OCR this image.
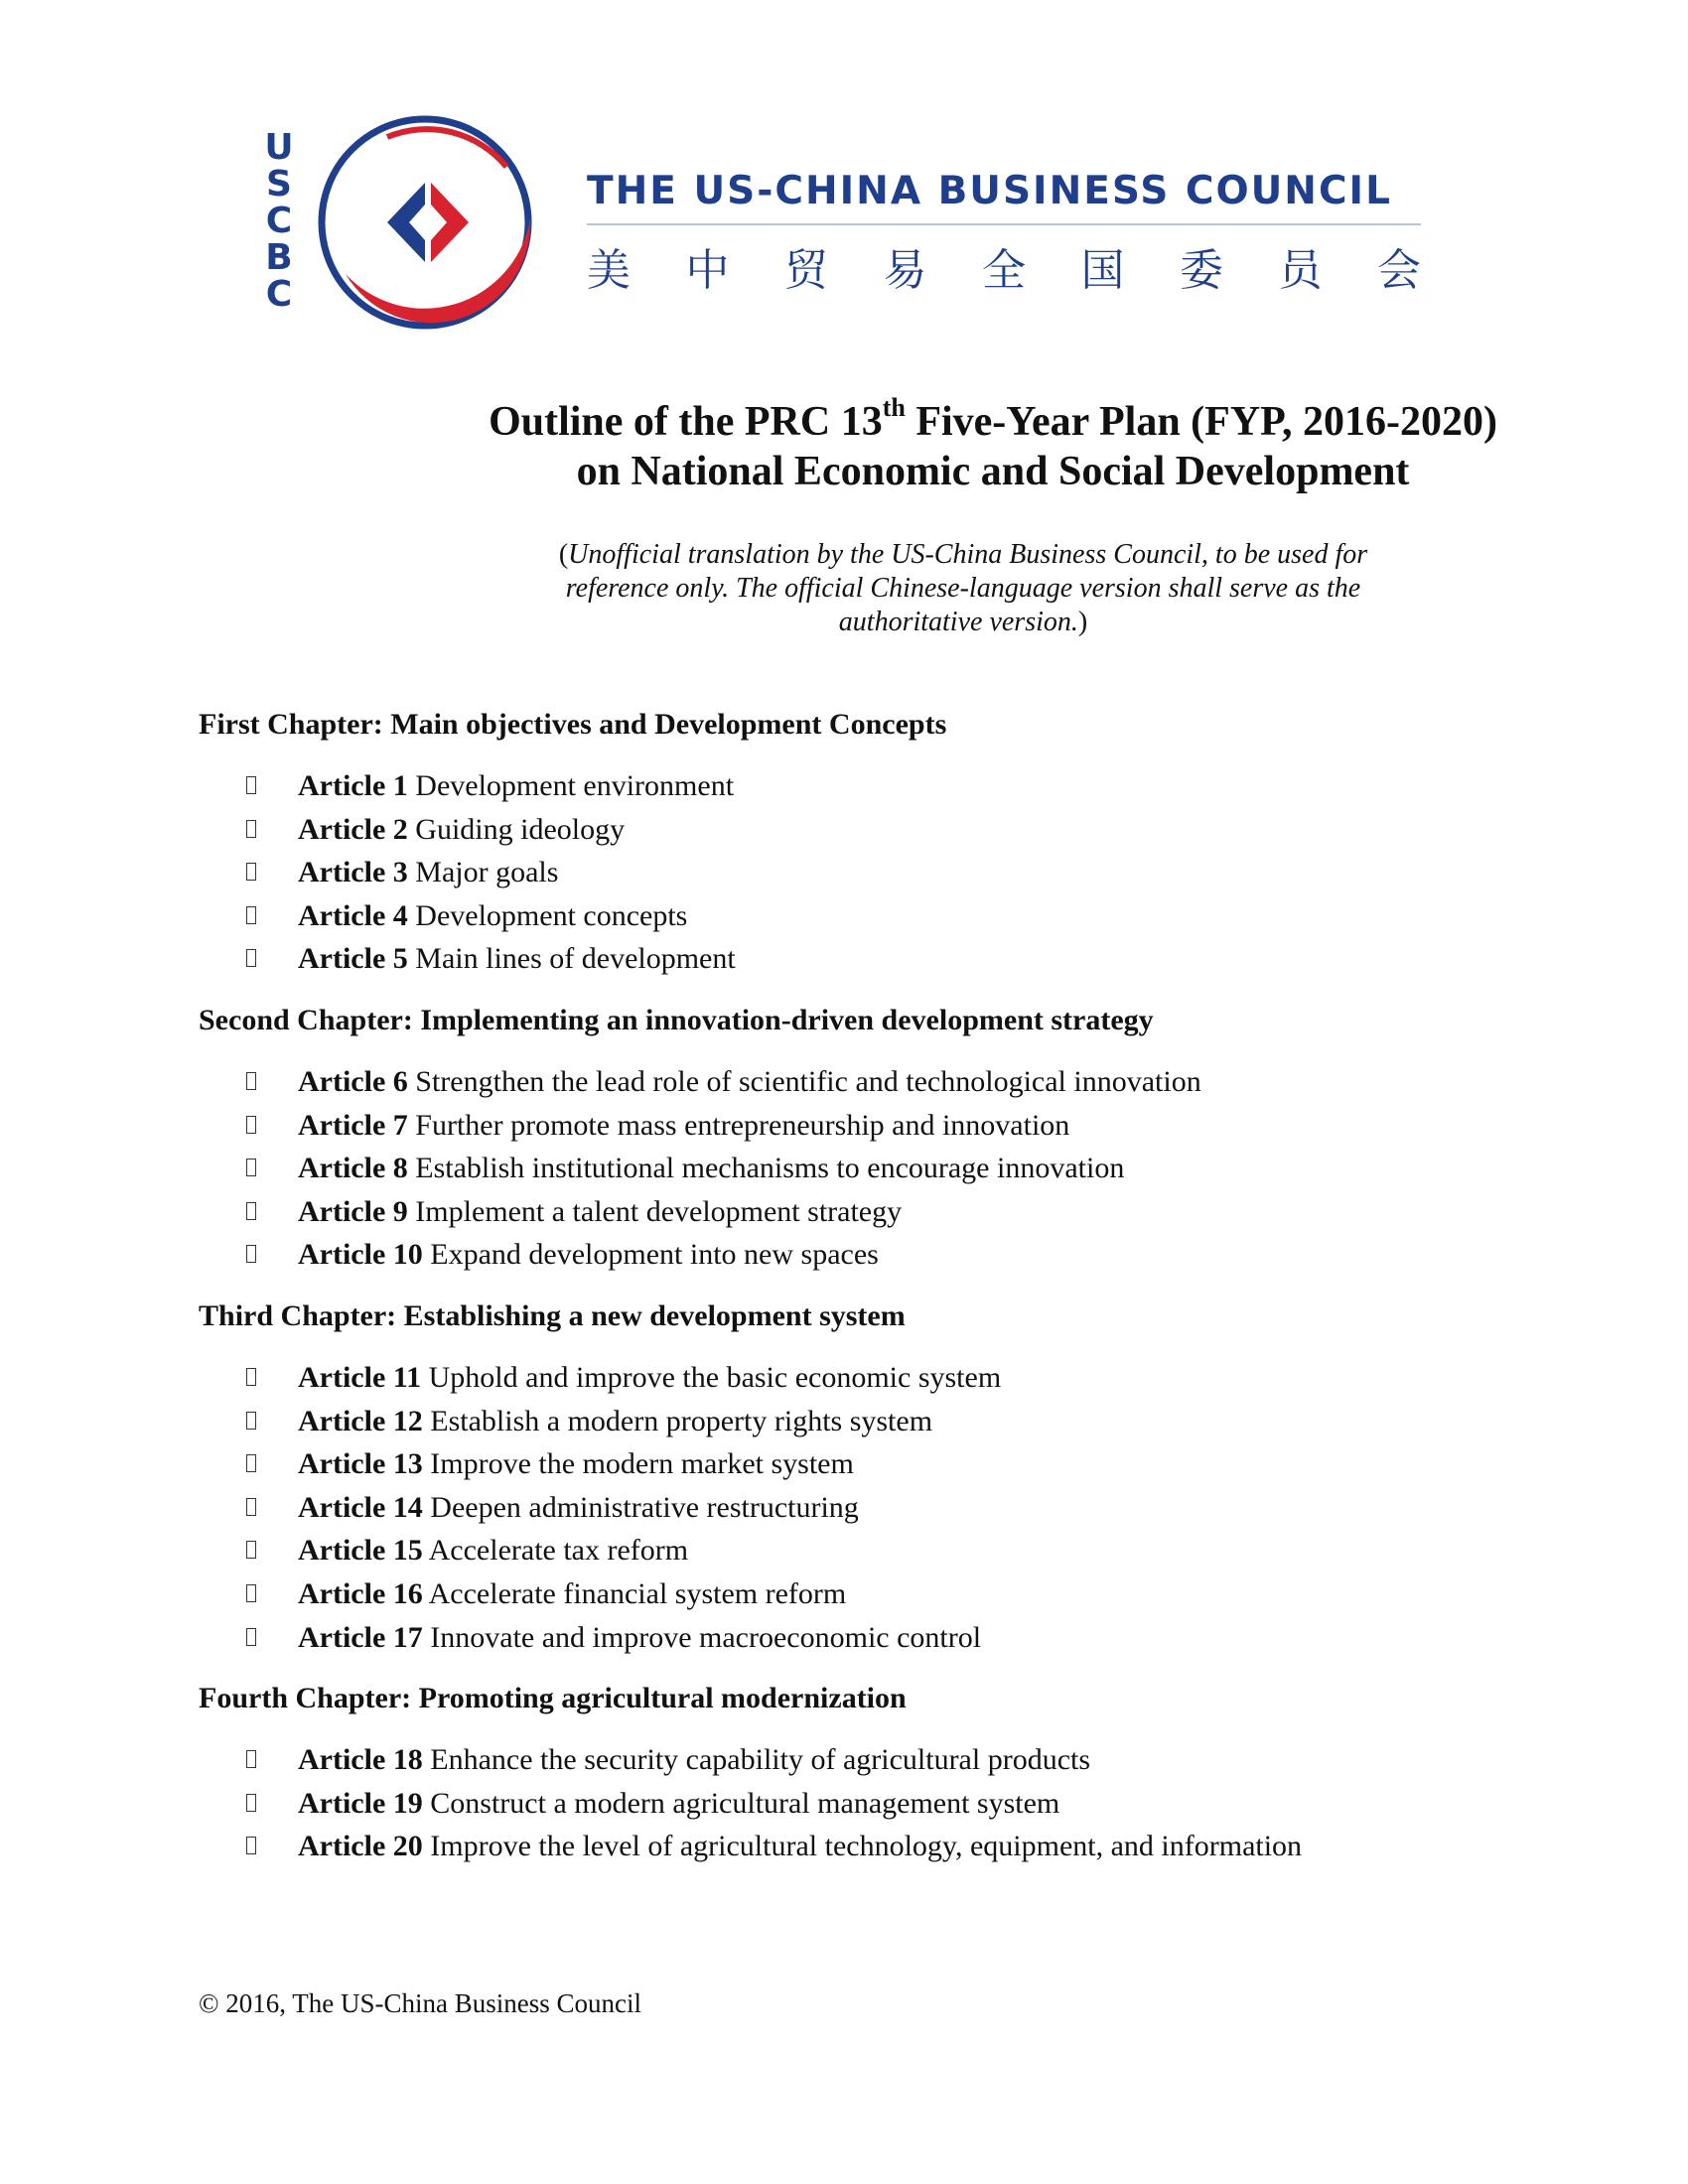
U
S
C
B
C
THE US-CHINA BUSINESS COUNCIL
美 中 贸 易 全 国 委 员 会
Outline of the PRC 13th Five-Year Plan (FYP, 2016-2020) on National Economic and Social Development
(Unofficial translation by the US-China Business Council, to be used for reference only. The official Chinese-language version shall serve as the authoritative version.)
First Chapter: Main objectives and Development Concepts
Article 1 Development environment
Article 2 Guiding ideology
Article 3 Major goals
Article 4 Development concepts
Article 5 Main lines of development
Second Chapter: Implementing an innovation-driven development strategy
Article 6 Strengthen the lead role of scientific and technological innovation
Article 7 Further promote mass entrepreneurship and innovation
Article 8 Establish institutional mechanisms to encourage innovation
Article 9 Implement a talent development strategy
Article 10 Expand development into new spaces
Third Chapter: Establishing a new development system
Article 11 Uphold and improve the basic economic system
Article 12 Establish a modern property rights system
Article 13 Improve the modern market system
Article 14 Deepen administrative restructuring
Article 15 Accelerate tax reform
Article 16 Accelerate financial system reform
Article 17 Innovate and improve macroeconomic control
Fourth Chapter: Promoting agricultural modernization
Article 18 Enhance the security capability of agricultural products
Article 19 Construct a modern agricultural management system
Article 20 Improve the level of agricultural technology, equipment, and information
© 2016, The US-China Business Council
